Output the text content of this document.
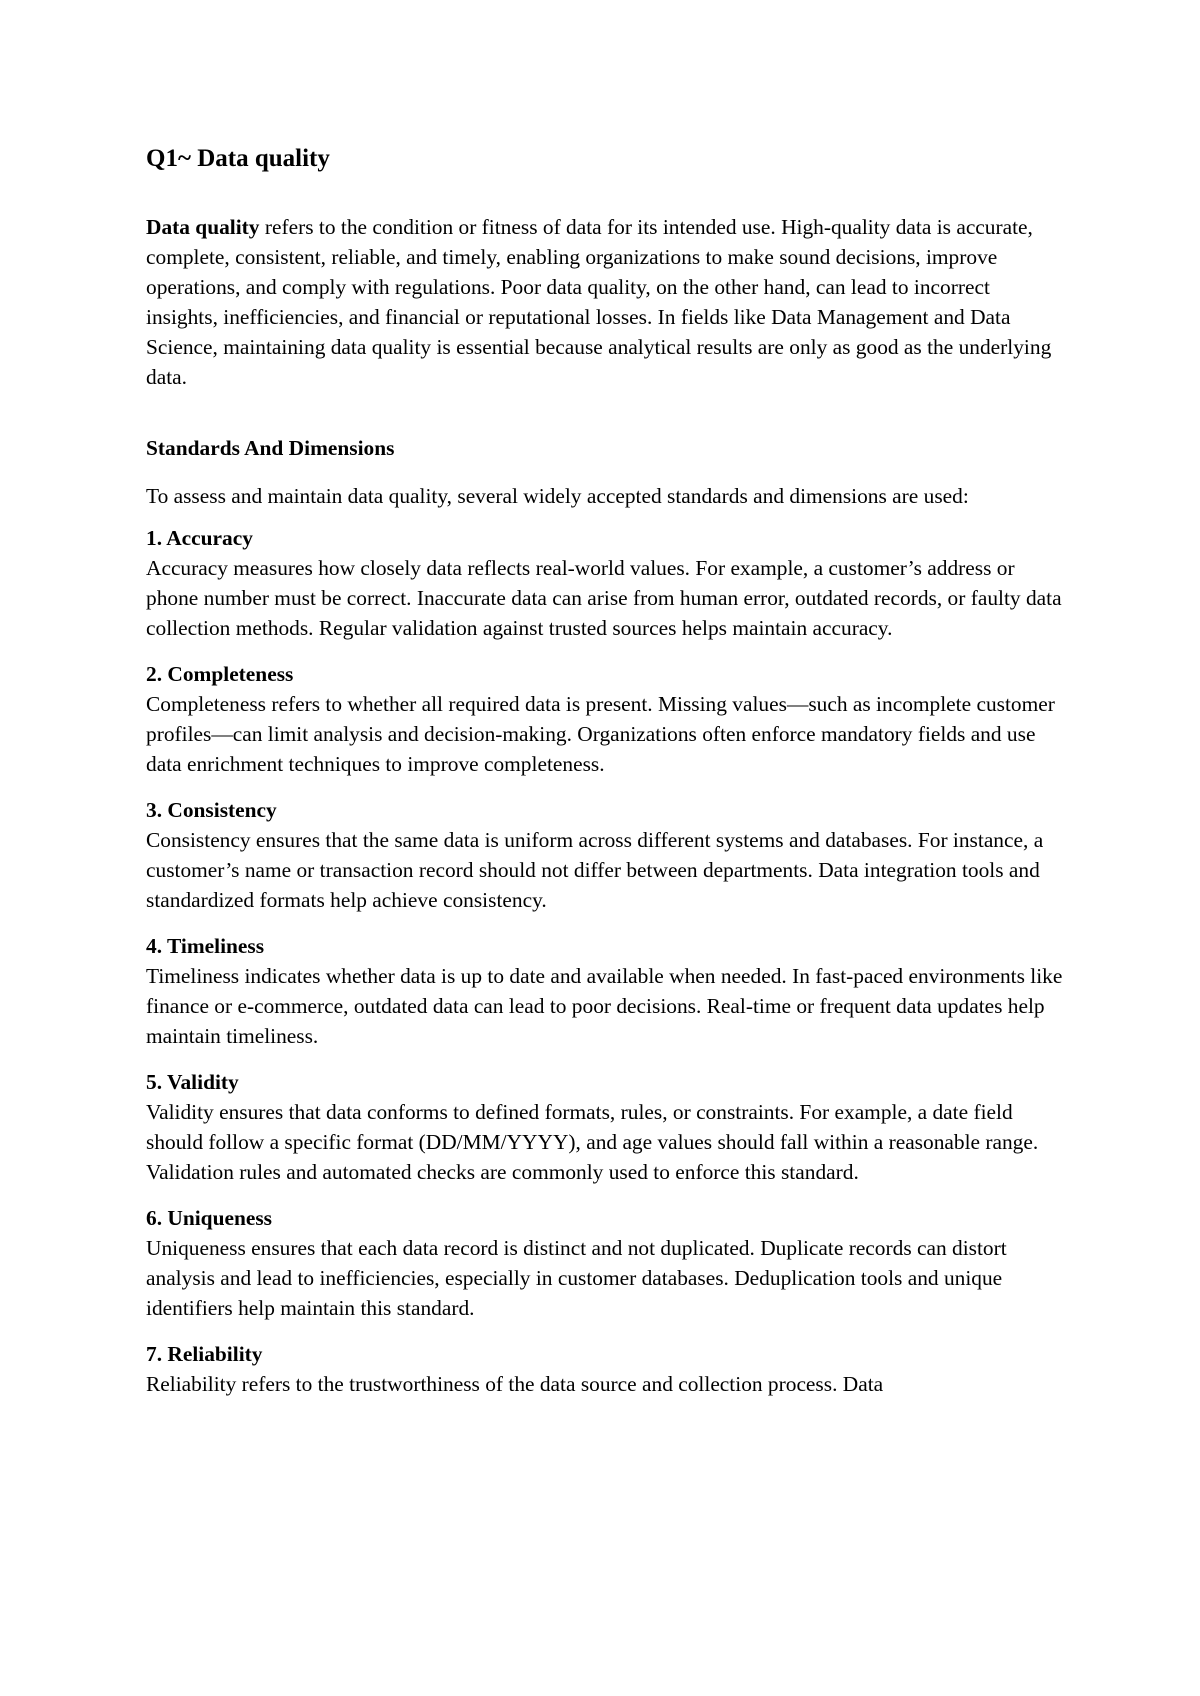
Q1~ Data quality

Data quality refers to the condition or fitness of data for its intended use. High-quality data is accurate, complete, consistent, reliable, and timely, enabling organizations to make sound decisions, improve operations, and comply with regulations. Poor data quality, on the other hand, can lead to incorrect insights, inefficiencies, and financial or reputational losses. In fields like Data Management and Data Science, maintaining data quality is essential because analytical results are only as good as the underlying data.

Standards And Dimensions

To assess and maintain data quality, several widely accepted standards and dimensions are used:

1. Accuracy
Accuracy measures how closely data reflects real-world values. For example, a customer’s address or phone number must be correct. Inaccurate data can arise from human error, outdated records, or faulty data collection methods. Regular validation against trusted sources helps maintain accuracy.
2. Completeness
Completeness refers to whether all required data is present. Missing values—such as incomplete customer profiles—can limit analysis and decision-making. Organizations often enforce mandatory fields and use data enrichment techniques to improve completeness.
3. Consistency
Consistency ensures that the same data is uniform across different systems and databases. For instance, a customer’s name or transaction record should not differ between departments. Data integration tools and standardized formats help achieve consistency.
4. Timeliness
Timeliness indicates whether data is up to date and available when needed. In fast-paced environments like finance or e-commerce, outdated data can lead to poor decisions. Real-time or frequent data updates help maintain timeliness.
5. Validity
Validity ensures that data conforms to defined formats, rules, or constraints. For example, a date field should follow a specific format (DD/MM/YYYY), and age values should fall within a reasonable range. Validation rules and automated checks are commonly used to enforce this standard.
6. Uniqueness
Uniqueness ensures that each data record is distinct and not duplicated. Duplicate records can distort analysis and lead to inefficiencies, especially in customer databases. Deduplication tools and unique identifiers help maintain this standard.
7. Reliability
Reliability refers to the trustworthiness of the data source and collection process. Data
